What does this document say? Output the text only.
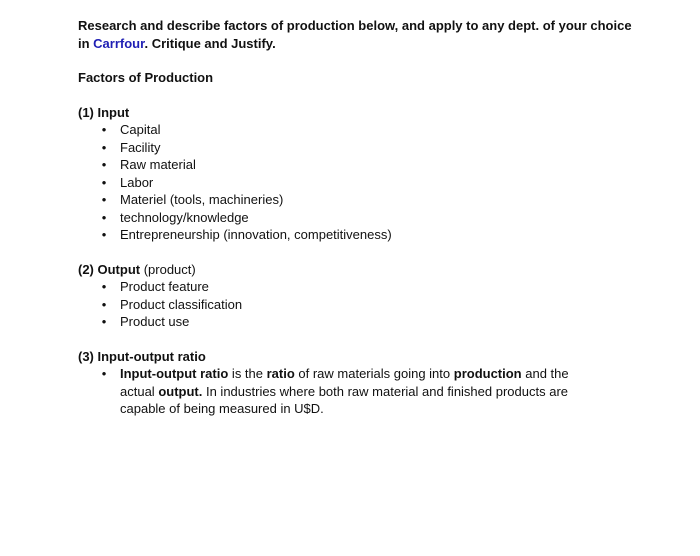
Research and describe factors of production below, and apply to any dept. of your choice in Carrfour. Critique and Justify.

Factors of Production

(1) Input

• Capital
• Facility
• Raw material
• Labor
• Materiel (tools, machineries)
• technology/knowledge
• Entrepreneurship (innovation, competitiveness)

(2) Output (product)

• Product feature
• Product classification
• Product use

(3) Input-output ratio

• Input-output ratio is the ratio of raw materials going into production and the actual output. In industries where both raw material and finished products are capable of being measured in U$D.
